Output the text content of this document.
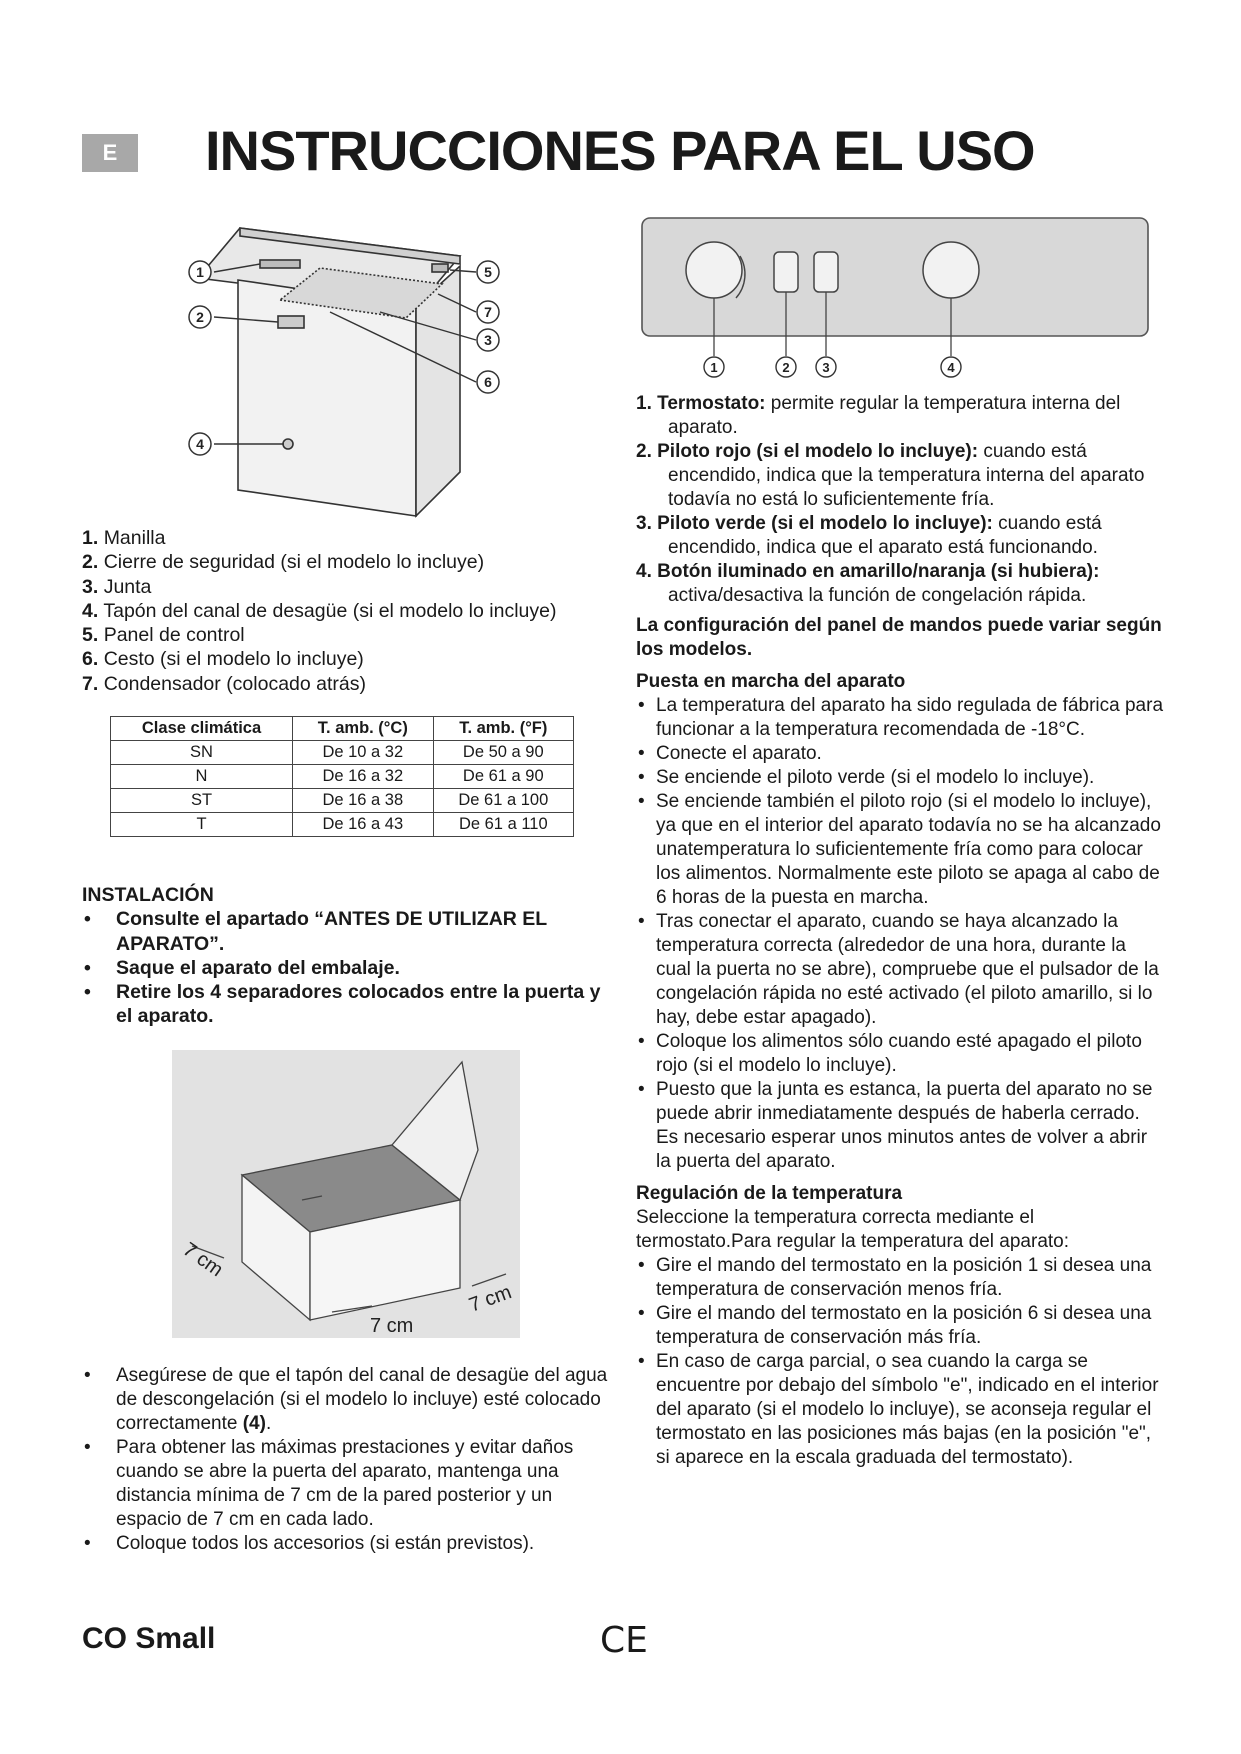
E	INSTRUCCIONES PARA EL USO
1
2
4
5
7
3
6
1. Manilla
2. Cierre de seguridad (si el modelo lo incluye)
3. Junta
4. Tapón del canal de desagüe (si el modelo lo incluye)
5. Panel de control
6. Cesto (si el modelo lo incluye)
7. Condensador (colocado atrás)
Clase climática	T. amb. (°C)	T. amb. (°F)
SN	De 10 a 32	De 50 a 90
N	De 16 a 32	De 61 a 90
ST	De 16 a 38	De 61 a 100
T	De 16 a 43	De 61 a 110
INSTALACIÓN
• Consulte el apartado “ANTES DE UTILIZAR EL APARATO”.
• Saque el aparato del embalaje.
• Retire los 4 separadores colocados entre la puerta y el aparato.
7 cm
7 cm
7 cm
• Asegúrese de que el tapón del canal de desagüe del agua de descongelación (si el modelo lo incluye) esté colocado correctamente (4).
• Para obtener las máximas prestaciones y evitar daños cuando se abre la puerta del aparato, mantenga una distancia mínima de 7 cm de la pared posterior y un espacio de 7 cm en cada lado.
• Coloque todos los accesorios (si están previstos).
1	2	3	4
1. Termostato: permite regular la temperatura interna del aparato.
2. Piloto rojo (si el modelo lo incluye): cuando está encendido, indica que la temperatura interna del aparato todavía no está lo suficientemente fría.
3. Piloto verde (si el modelo lo incluye): cuando está encendido, indica que el aparato está funcionando.
4. Botón iluminado en amarillo/naranja (si hubiera): activa/desactiva la función de congelación rápida.
La configuración del panel de mandos puede variar según los modelos.
Puesta en marcha del aparato
• La temperatura del aparato ha sido regulada de fábrica para funcionar a la temperatura recomendada de -18°C.
• Conecte el aparato.
• Se enciende el piloto verde (si el modelo lo incluye).
• Se enciende también el piloto rojo (si el modelo lo incluye), ya que en el interior del aparato todavía no se ha alcanzado unatemperatura lo suficientemente fría como para colocar los alimentos. Normalmente este piloto se apaga al cabo de 6 horas de la puesta en marcha.
• Tras conectar el aparato, cuando se haya alcanzado la temperatura correcta (alrededor de una hora, durante la cual la puerta no se abre), compruebe que el pulsador de la congelación rápida no esté activado (el piloto amarillo, si lo hay, debe estar apagado).
• Coloque los alimentos sólo cuando esté apagado el piloto rojo (si el modelo lo incluye).
• Puesto que la junta es estanca, la puerta del aparato no se puede abrir inmediatamente después de haberla cerrado. Es necesario esperar unos minutos antes de volver a abrir la puerta del aparato.
Regulación de la temperatura
Seleccione la temperatura correcta mediante el termostato.Para regular la temperatura del aparato:
• Gire el mando del termostato en la posición 1 si desea una temperatura de conservación menos fría.
• Gire el mando del termostato en la posición 6 si desea una temperatura de conservación más fría.
• En caso de carga parcial, o sea cuando la carga se encuentre por debajo del símbolo "e", indicado en el interior del aparato (si el modelo lo incluye), se aconseja regular el termostato en las posiciones más bajas (en la posición "e", si aparece en la escala graduada del termostato).
CO Small	CE
